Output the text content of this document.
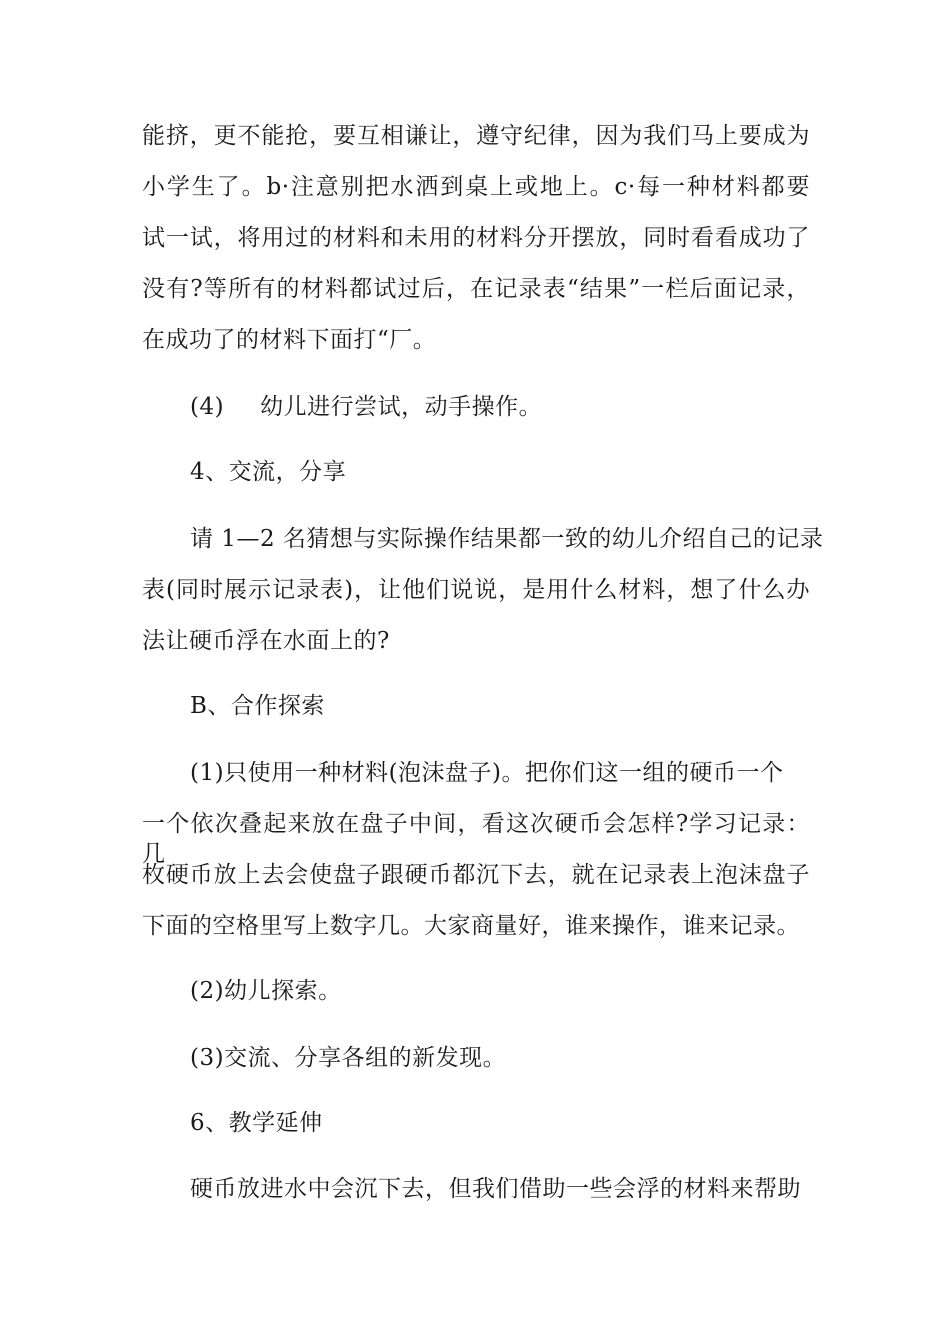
能挤，更不能抢，要互相谦让，遵守纪律，因为我们马上要成为
小学生了。b·注意别把水洒到桌上或地上。c·每一种材料都要
试一试，将用过的材料和未用的材料分开摆放，同时看看成功了
没有?等所有的材料都试过后，在记录表“结果”一栏后面记录，
在成功了的材料下面打“厂。
(4) 幼儿进行尝试，动手操作。
4、交流，分享
请 1—2 名猜想与实际操作结果都一致的幼儿介绍自己的记录
表(同时展示记录表)，让他们说说，是用什么材料，想了什么办
法让硬币浮在水面上的?
B、合作探索
(1)只使用一种材料(泡沫盘子)。把你们这一组的硬币一个
一个依次叠起来放在盘子中间，看这次硬币会怎样?学习记录：几
枚硬币放上去会使盘子跟硬币都沉下去，就在记录表上泡沫盘子
下面的空格里写上数字几。大家商量好，谁来操作，谁来记录。
(2)幼儿探索。
(3)交流、分享各组的新发现。
6、教学延伸
硬币放进水中会沉下去，但我们借助一些会浮的材料来帮助
